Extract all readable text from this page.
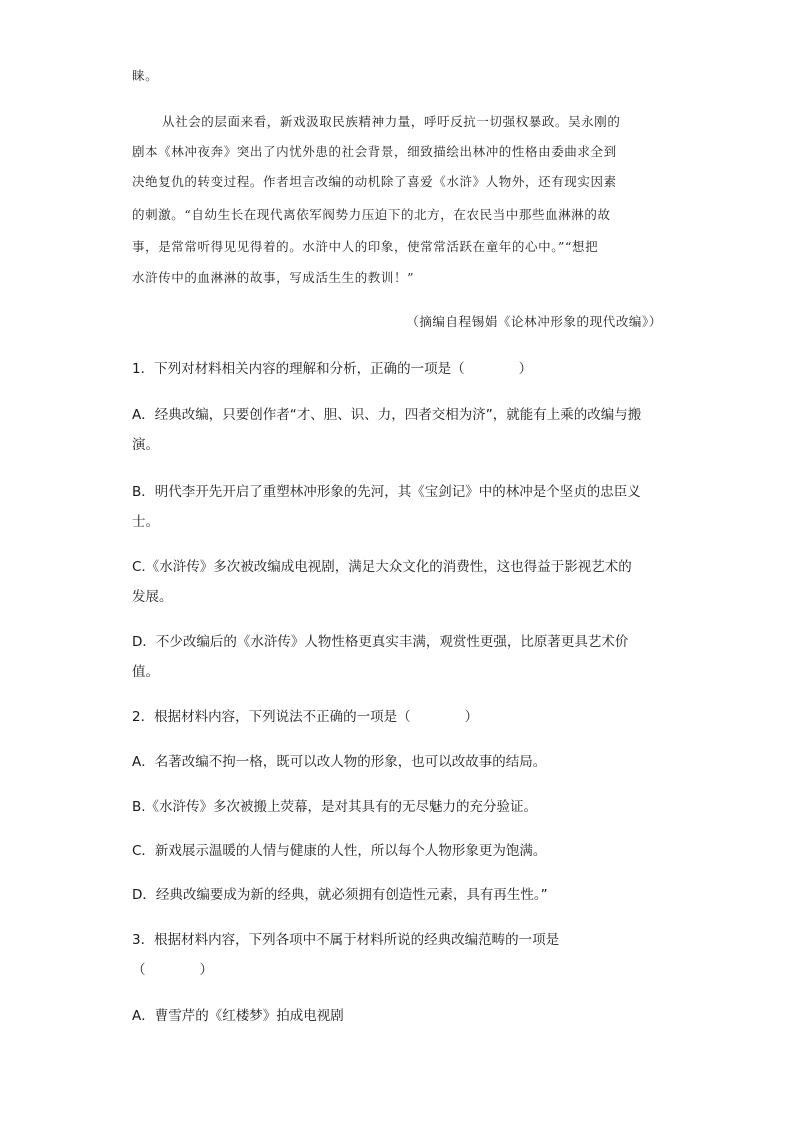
睐。
从社会的层面来看，新戏汲取民族精神力量，呼吁反抗一切强权暴政。吴永刚的
剧本《林冲夜奔》突出了内忧外患的社会背景，细致描绘出林冲的性格由委曲求全到
决绝复仇的转变过程。作者坦言改编的动机除了喜爱《水浒》人物外，还有现实因素
的刺激。“自幼生长在现代离依军阀势力压迫下的北方，在农民当中那些血淋淋的故
事，是常常听得见见得着的。水浒中人的印象，使常常活跃在童年的心中。”“想把
水浒传中的血淋淋的故事，写成活生生的教训！”
（摘编自程锡娟《论林冲形象的现代改编》）
1．下列对材料相关内容的理解和分析，正确的一项是（　　　　）
A．经典改编，只要创作者“才、胆、识、力，四者交相为济”，就能有上乘的改编与搬
演。
B．明代李开先开启了重塑林冲形象的先河，其《宝剑记》中的林冲是个坚贞的忠臣义
士。
C.《水浒传》多次被改编成电视剧，满足大众文化的消费性，这也得益于影视艺术的
发展。
D．不少改编后的《水浒传》人物性格更真实丰满，观赏性更强，比原著更具艺术价
值。
2．根据材料内容，下列说法不正确的一项是（　　　　）
A．名著改编不拘一格，既可以改人物的形象，也可以改故事的结局。
B.《水浒传》多次被搬上荧幕，是对其具有的无尽魅力的充分验证。
C．新戏展示温暖的人情与健康的人性，所以每个人物形象更为饱满。
D．经典改编要成为新的经典，就必须拥有创造性元素，具有再生性。”
3．根据材料内容，下列各项中不属于材料所说的经典改编范畴的一项是
（　　　　）
A．曹雪芹的《红楼梦》拍成电视剧
